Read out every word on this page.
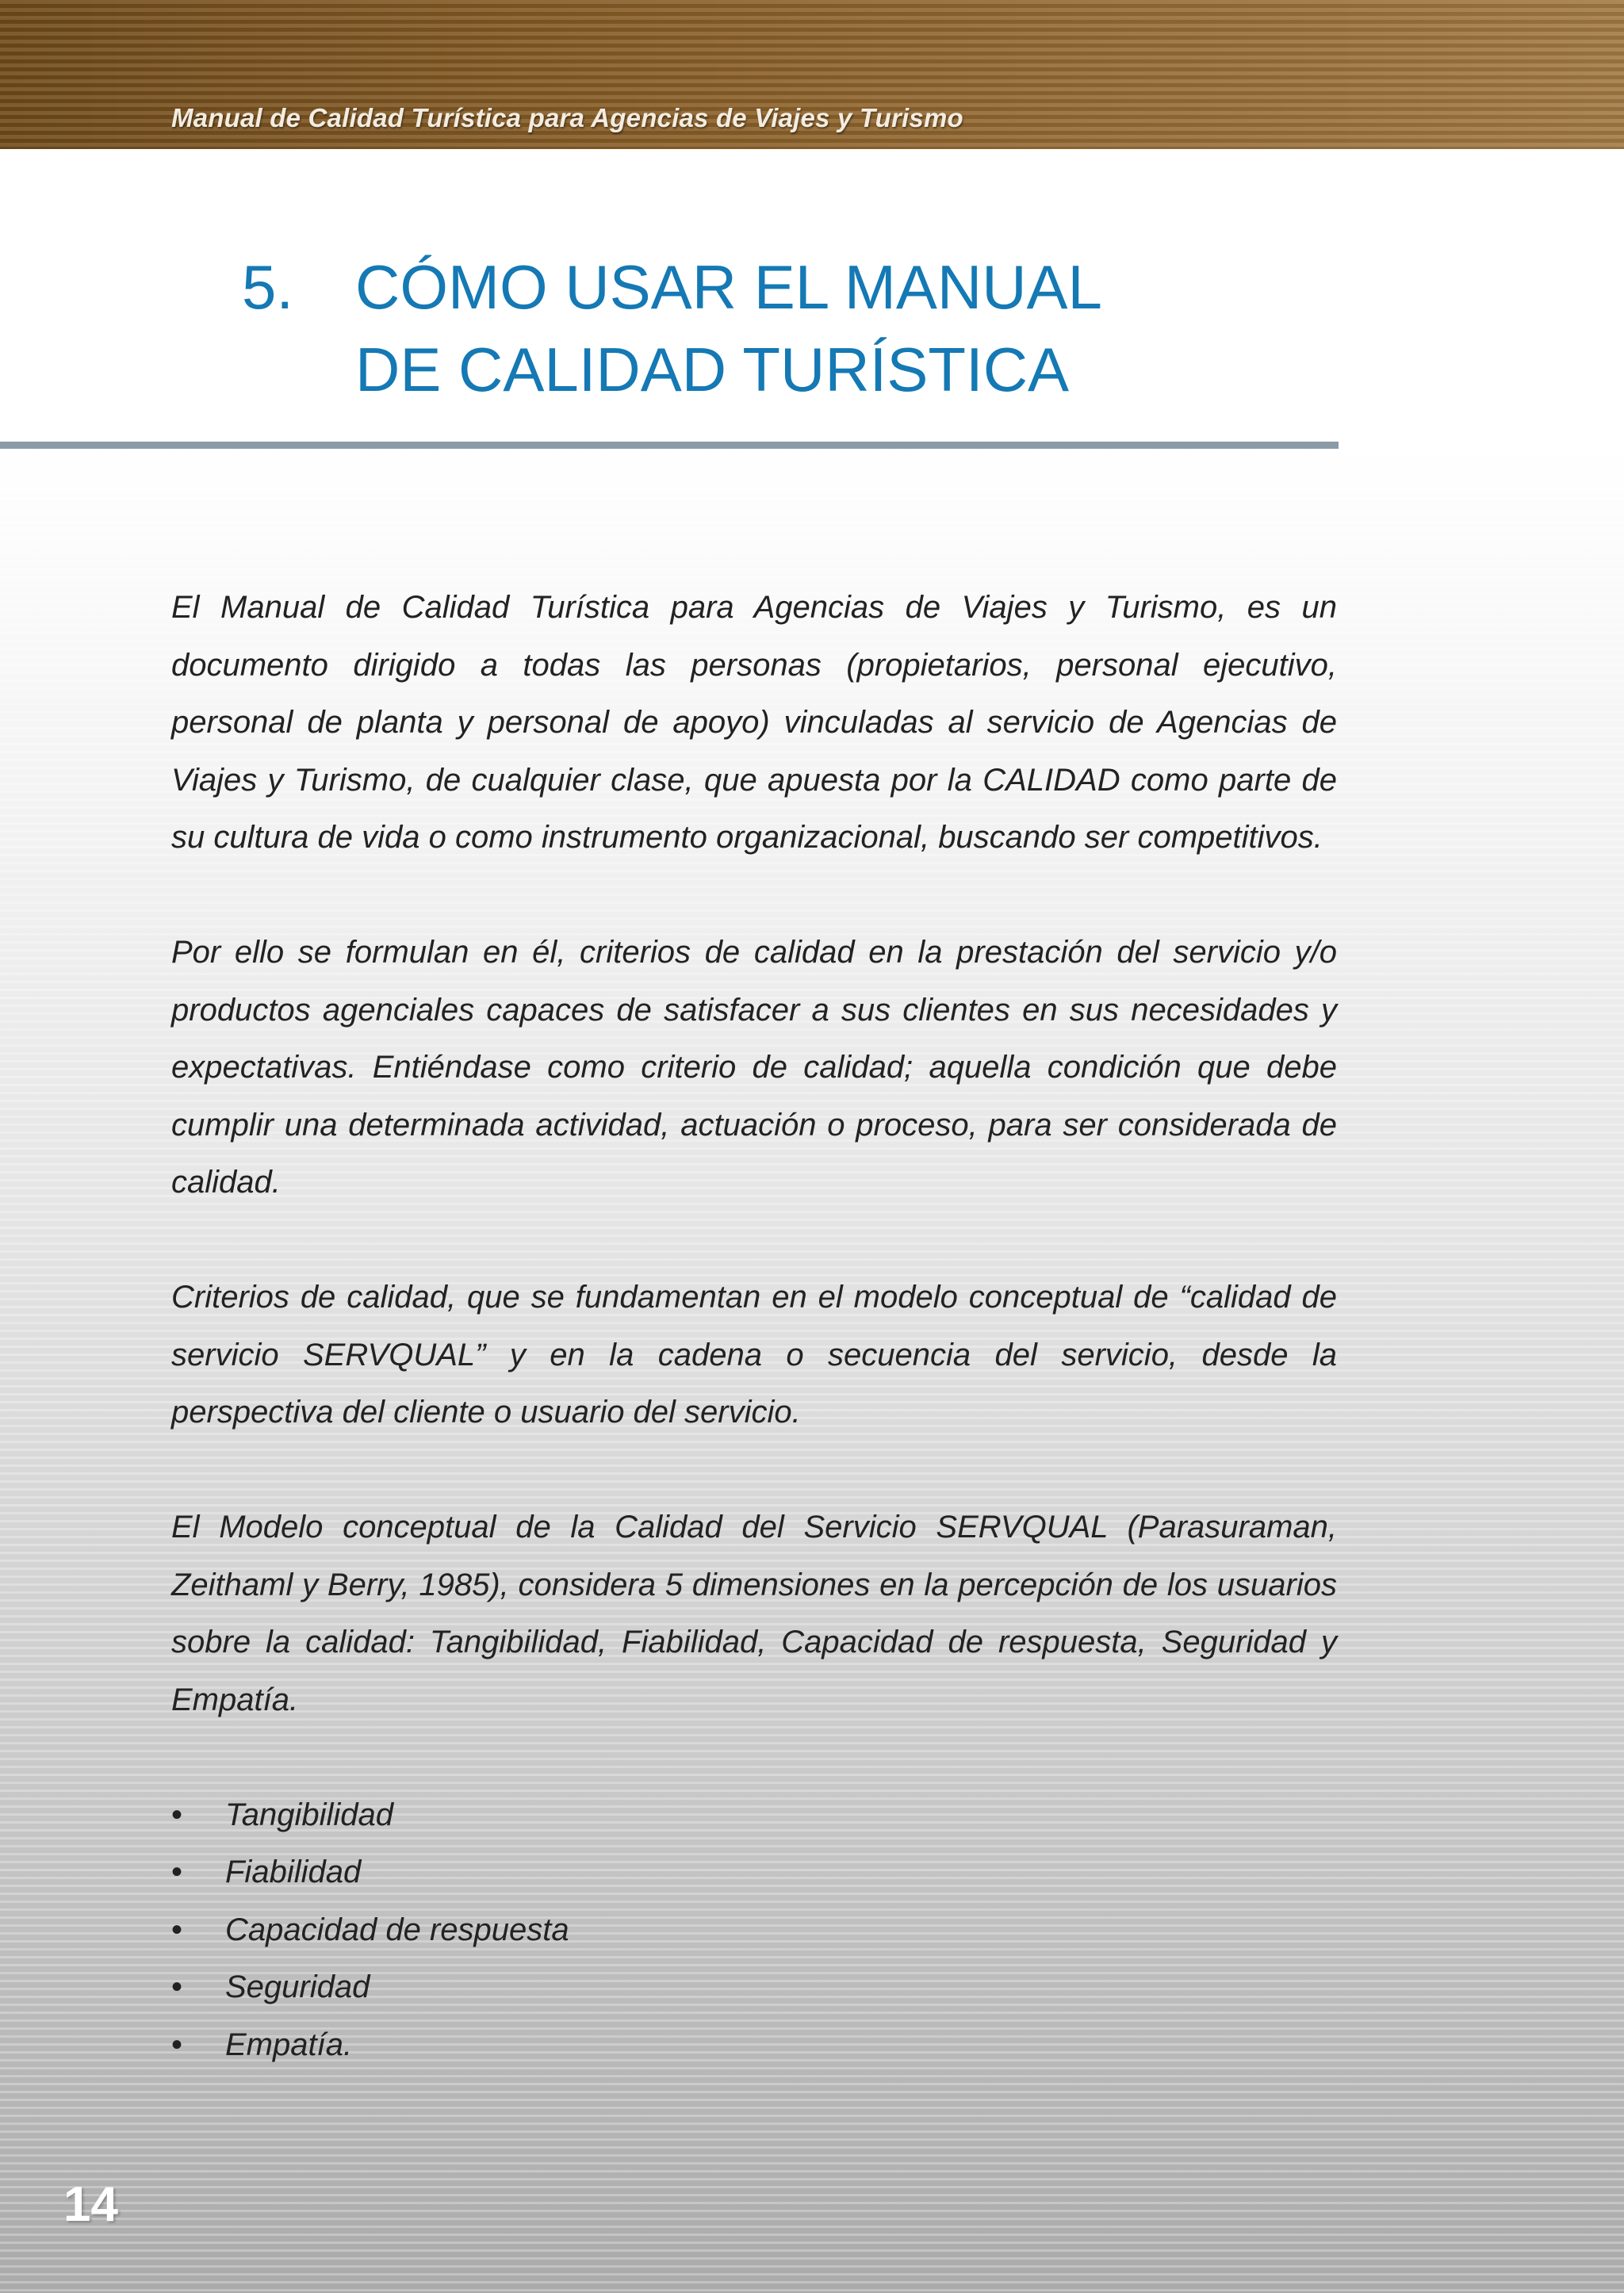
Manual de Calidad Turística para Agencias de Viajes y Turismo
5. CÓMO USAR EL MANUAL
DE CALIDAD TURÍSTICA

El Manual de Calidad Turística para Agencias de Viajes y Turismo, es un documento dirigido a todas las personas (propietarios, personal ejecutivo, personal de planta y personal de apoyo) vinculadas al servicio de Agencias de Viajes y Turismo, de cualquier clase, que apuesta por la CALIDAD como parte de su cultura de vida o como instrumento organizacional, buscando ser competitivos.

Por ello se formulan en él, criterios de calidad en la prestación del servicio y/o productos agenciales capaces de satisfacer a sus clientes en sus necesidades y expectativas. Entiéndase como criterio de calidad; aquella condición que debe cumplir una determinada actividad, actuación o proceso, para ser considerada de calidad.

Criterios de calidad, que se fundamentan en el modelo conceptual de “calidad de servicio SERVQUAL” y en la cadena o secuencia del servicio, desde la perspectiva del cliente o usuario del servicio.

El Modelo conceptual de la Calidad del Servicio SERVQUAL (Parasuraman, Zeithaml y Berry, 1985), considera 5 dimensiones en la percepción de los usuarios sobre la calidad: Tangibilidad, Fiabilidad, Capacidad de respuesta, Seguridad y Empatía.

• Tangibilidad
• Fiabilidad
• Capacidad de respuesta
• Seguridad
• Empatía.
14
